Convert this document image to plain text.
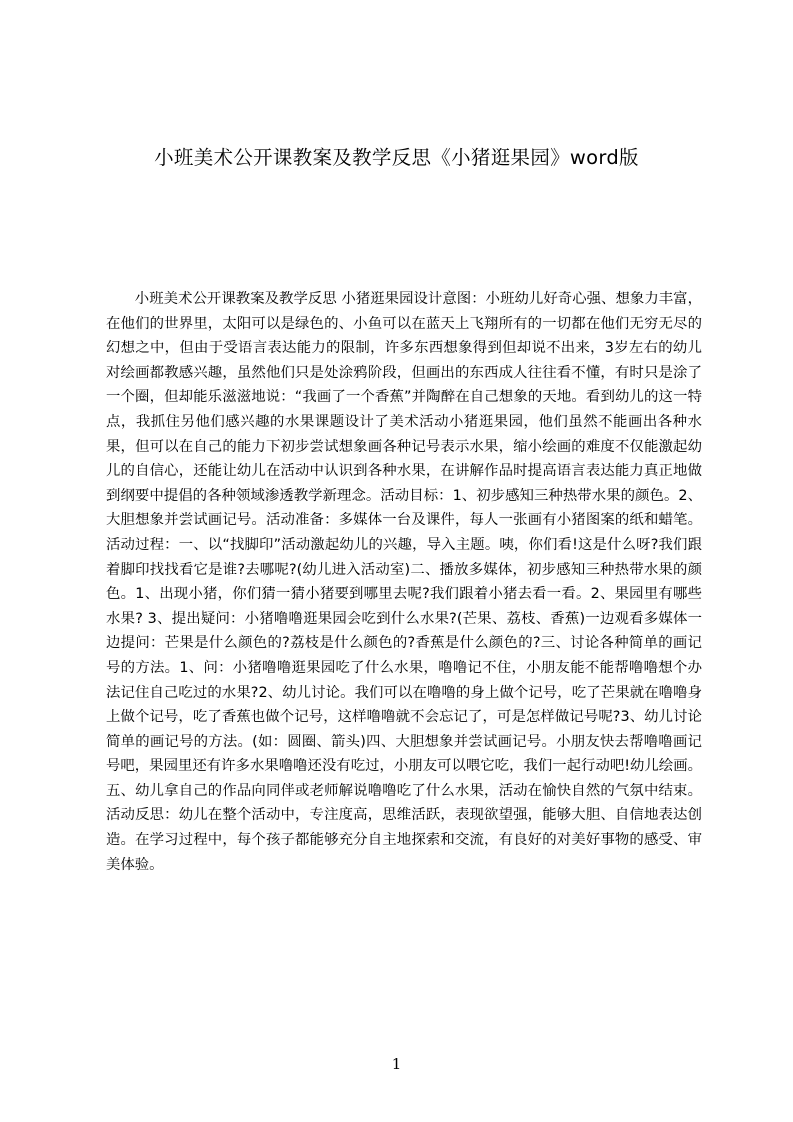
小班美术公开课教案及教学反思《小猪逛果园》word版

小班美术公开课教案及教学反思 小猪逛果园设计意图：小班幼儿好奇心强、想象力丰富，在他们的世界里，太阳可以是绿色的、小鱼可以在蓝天上飞翔所有的一切都在他们无穷无尽的幻想之中，但由于受语言表达能力的限制，许多东西想象得到但却说不出来，3岁左右的幼儿对绘画都教感兴趣，虽然他们只是处涂鸦阶段，但画出的东西成人往往看不懂，有时只是涂了一个圈，但却能乐滋滋地说：“我画了一个香蕉”并陶醉在自己想象的天地。看到幼儿的这一特点，我抓住另他们感兴趣的水果课题设计了美术活动小猪逛果园，他们虽然不能画出各种水果，但可以在自己的能力下初步尝试想象画各种记号表示水果，缩小绘画的难度不仅能激起幼儿的自信心，还能让幼儿在活动中认识到各种水果，在讲解作品时提高语言表达能力真正地做到纲要中提倡的各种领域渗透教学新理念。活动目标：1、初步感知三种热带水果的颜色。2、大胆想象并尝试画记号。活动准备：多媒体一台及课件，每人一张画有小猪图案的纸和蜡笔。活动过程：一、以“找脚印”活动激起幼儿的兴趣，导入主题。咦，你们看!这是什么呀?我们跟着脚印找找看它是谁?去哪呢?(幼儿进入活动室)二、播放多媒体，初步感知三种热带水果的颜色。1、出现小猪，你们猜一猜小猪要到哪里去呢?我们跟着小猪去看一看。2、果园里有哪些水果? 3、提出疑问：小猪噜噜逛果园会吃到什么水果?(芒果、荔枝、香蕉)一边观看多媒体一边提问：芒果是什么颜色的?荔枝是什么颜色的?香蕉是什么颜色的?三、讨论各种简单的画记号的方法。1、问：小猪噜噜逛果园吃了什么水果，噜噜记不住，小朋友能不能帮噜噜想个办法记住自己吃过的水果?2、幼儿讨论。我们可以在噜噜的身上做个记号，吃了芒果就在噜噜身上做个记号，吃了香蕉也做个记号，这样噜噜就不会忘记了，可是怎样做记号呢?3、幼儿讨论简单的画记号的方法。(如：圆圈、箭头)四、大胆想象并尝试画记号。小朋友快去帮噜噜画记号吧，果园里还有许多水果噜噜还没有吃过，小朋友可以喂它吃，我们一起行动吧!幼儿绘画。五、幼儿拿自己的作品向同伴或老师解说噜噜吃了什么水果，活动在愉快自然的气氛中结束。活动反思：幼儿在整个活动中，专注度高，思维活跃，表现欲望强，能够大胆、自信地表达创造。在学习过程中，每个孩子都能够充分自主地探索和交流，有良好的对美好事物的感受、审美体验。

1
